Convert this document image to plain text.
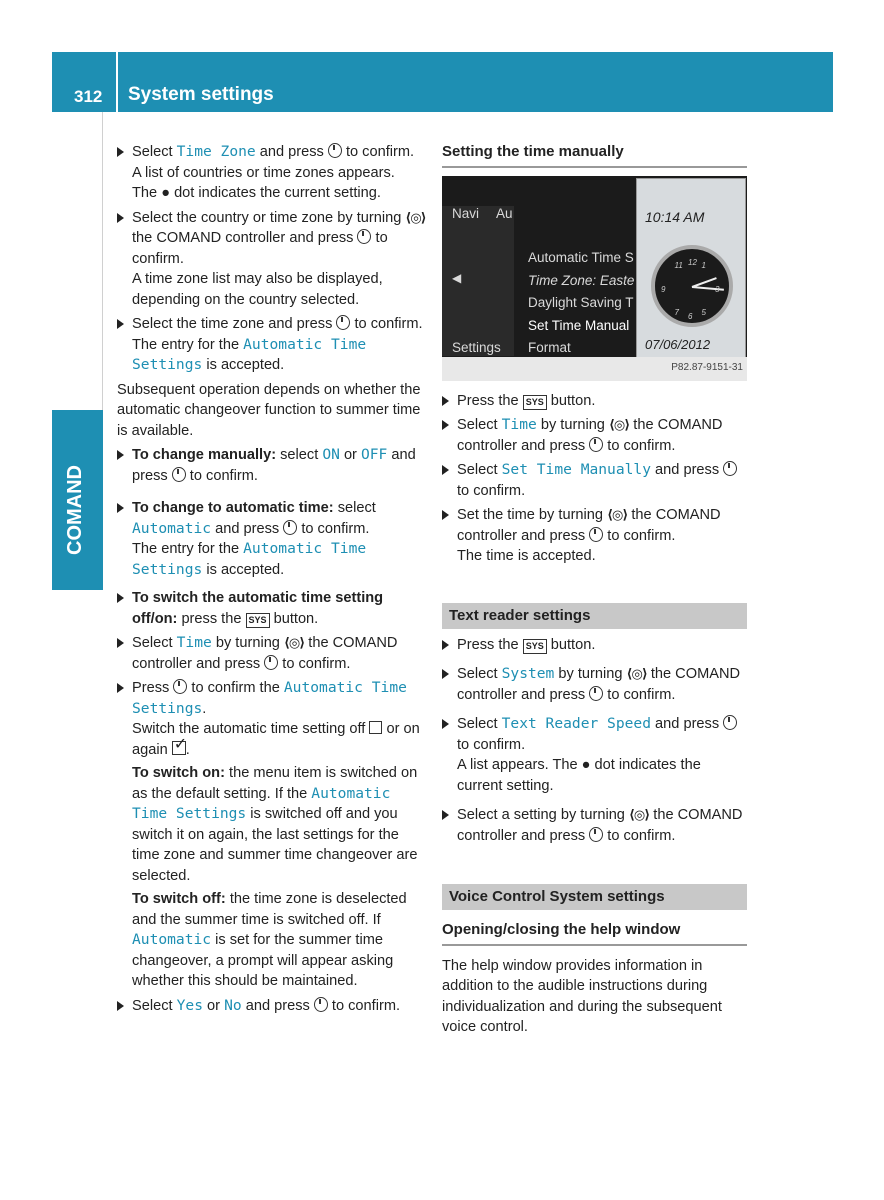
312 System settings
COMAND
Select Time Zone and press  to confirm.
A list of countries or time zones appears.
The ● dot indicates the current setting.
Select the country or time zone by turning ⟨◎⟩ the COMAND controller and press  to confirm.
A time zone list may also be displayed, depending on the country selected.
Select the time zone and press  to confirm.
The entry for the Automatic Time Settings is accepted.
Subsequent operation depends on whether the automatic changeover function to summer time is available.
To change manually: select ON or OFF and press  to confirm.
To change to automatic time: select Automatic and press  to confirm.
The entry for the Automatic Time Settings is accepted.
To switch the automatic time setting off/on: press the SYS button.
Select Time by turning ⟨◎⟩ the COMAND controller and press  to confirm.
Press  to confirm the Automatic Time Settings.
Switch the automatic time setting off  or on again ✓.
To switch on: the menu item is switched on as the default setting. If the Automatic Time Settings is switched off and you switch it on again, the last settings for the time zone and summer time changeover are selected.
To switch off: the time zone is deselected and the summer time is switched off. If Automatic is set for the summer time changeover, a prompt will appear asking whether this should be maintained.
Select Yes or No and press  to confirm.
Setting the time manually
Navi Au
◀
Automatic Time S
Time Zone: Easte
Daylight Saving T
Set Time Manual
Format
Settings
10:14 AM
11 12 1
3
9
5
7 6
07/06/2012
P82.87-9151-31
Press the SYS button.
Select Time by turning ⟨◎⟩ the COMAND controller and press  to confirm.
Select Set Time Manually and press  to confirm.
Set the time by turning ⟨◎⟩ the COMAND controller and press  to confirm.
The time is accepted.
Text reader settings
Press the SYS button.
Select System by turning ⟨◎⟩ the COMAND controller and press  to confirm.
Select Text Reader Speed and press  to confirm.
A list appears. The ● dot indicates the current setting.
Select a setting by turning ⟨◎⟩ the COMAND controller and press  to confirm.
Voice Control System settings
Opening/closing the help window
The help window provides information in addition to the audible instructions during individualization and during the subsequent voice control.
